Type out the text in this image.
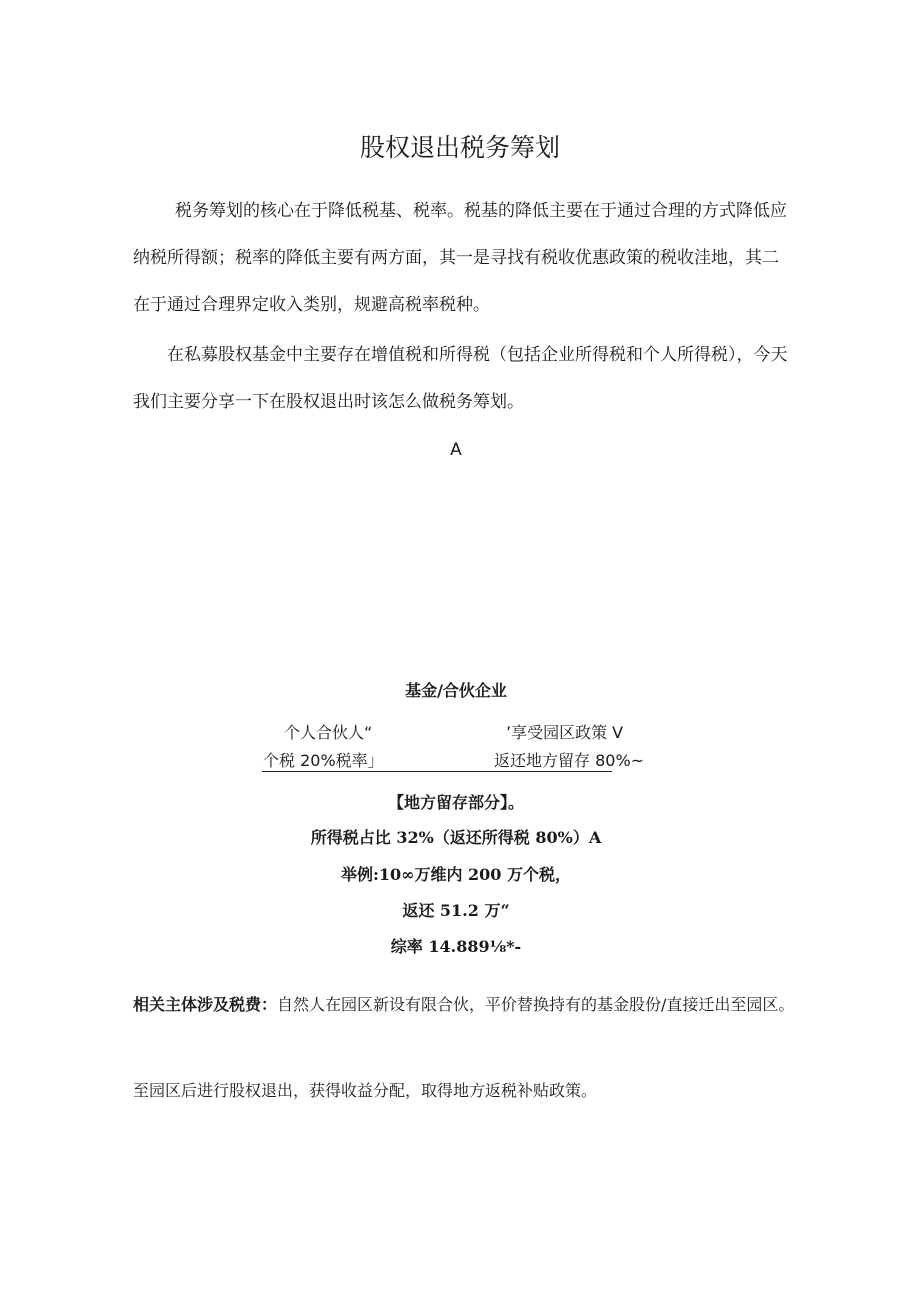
股权退出税务筹划
税务筹划的核心在于降低税基、税率。税基的降低主要在于通过合理的方式降低应纳税所得额；税率的降低主要有两方面，其一是寻找有税收优惠政策的税收洼地，其二在于通过合理界定收入类别，规避高税率税种。
在私募股权基金中主要存在增值税和所得税（包括企业所得税和个人所得税），今天我们主要分享一下在股权退出时该怎么做税务筹划。
A
基金/合伙企业
个人合伙人“	’享受园区政策 V
个税 20%税率」	返还地方留存 80%~
【地方留存部分】。
所得税占比 32%（返还所得税 80%）A
举例:10∞万维内 200 万个税，
返还 51.2 万“
综率 14.889⅛*-
相关主体涉及税费：自然人在园区新设有限合伙，平价替换持有的基金股份/直接迁出至园区。
至园区后进行股权退出，获得收益分配，取得地方返税补贴政策。
